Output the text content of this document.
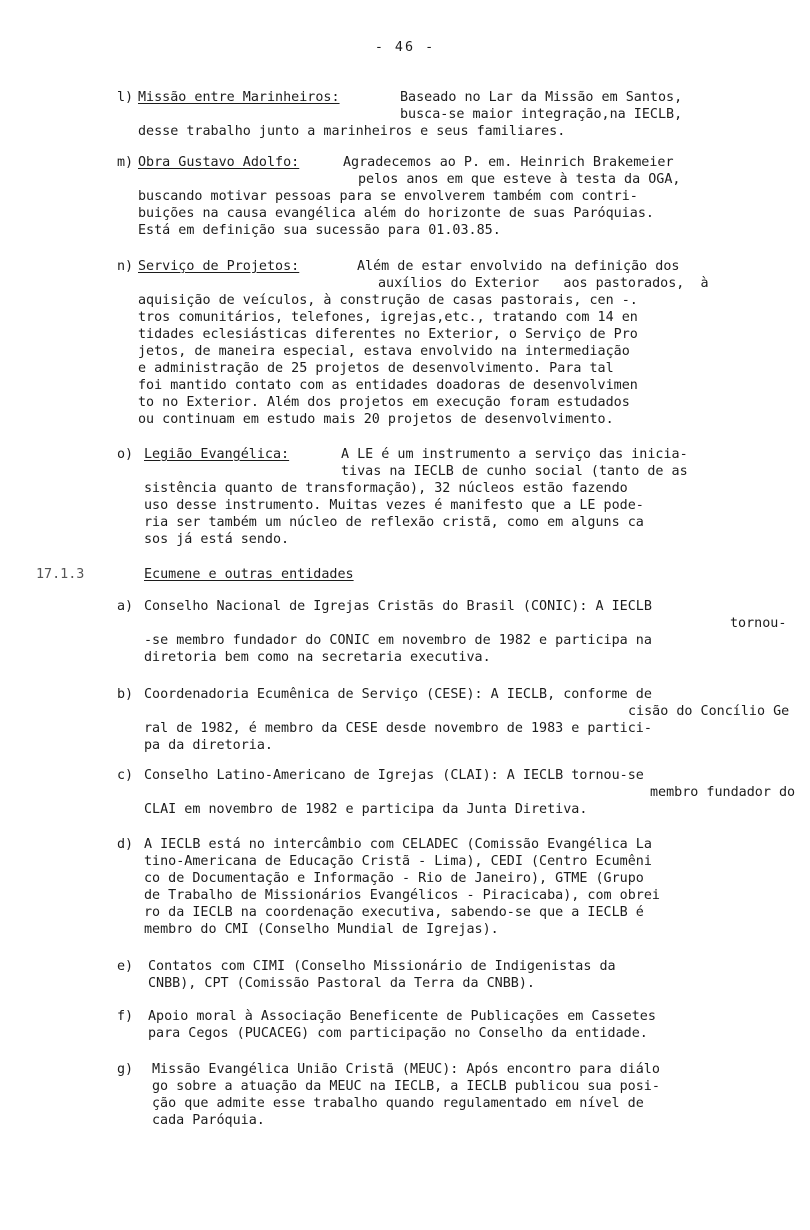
- 46 -
l) Missão entre Marinheiros:	Baseado no Lar da Missão em Santos,
busca-se maior integração,na IECLB,
desse trabalho junto a marinheiros e seus familiares.
m) Obra Gustavo Adolfo:	Agradecemos ao P. em. Heinrich Brakemeier
pelos anos em que esteve à testa da OGA,
buscando motivar pessoas para se envolverem também com contri-
buições na causa evangélica além do horizonte de suas Paróquias.
Está em definição sua sucessão para 01.03.85.
n) Serviço de Projetos:	Além de estar envolvido na definição dos
auxílios do Exterior   aos pastorados,  à
aquisição de veículos, à construção de casas pastorais, cen -.
tros comunitários, telefones, igrejas,etc., tratando com 14 en
tidades eclesiásticas diferentes no Exterior, o Serviço de Pro
jetos, de maneira especial, estava envolvido na intermediação
e administração de 25 projetos de desenvolvimento. Para tal
foi mantido contato com as entidades doadoras de desenvolvimen
to no Exterior. Além dos projetos em execução foram estudados
ou continuam em estudo mais 20 projetos de desenvolvimento.
o) Legião Evangélica:	A LE é um instrumento a serviço das inicia-
tivas na IECLB de cunho social (tanto de as
sistência quanto de transformação), 32 núcleos estão fazendo
uso desse instrumento. Muitas vezes é manifesto que a LE pode-
ria ser também um núcleo de reflexão cristã, como em alguns ca
sos já está sendo.
17.1.3	Ecumene e outras entidades
a) Conselho Nacional de Igrejas Cristãs do Brasil (CONIC): A IECLB
tornou-
-se membro fundador do CONIC em novembro de 1982 e participa na
diretoria bem como na secretaria executiva.
b) Coordenadoria Ecumênica de Serviço (CESE): A IECLB, conforme de
cisão do Concílio Ge
ral de 1982, é membro da CESE desde novembro de 1983 e partici-
pa da diretoria.
c) Conselho Latino-Americano de Igrejas (CLAI): A IECLB tornou-se
membro fundador do
CLAI em novembro de 1982 e participa da Junta Diretiva.
d) A IECLB está no intercâmbio com CELADEC (Comissão Evangélica La
tino-Americana de Educação Cristã - Lima), CEDI (Centro Ecumêni
co de Documentação e Informação - Rio de Janeiro), GTME (Grupo
de Trabalho de Missionários Evangélicos - Piracicaba), com obrei
ro da IECLB na coordenação executiva, sabendo-se que a IECLB é
membro do CMI (Conselho Mundial de Igrejas).
e) Contatos com CIMI (Conselho Missionário de Indigenistas da
CNBB), CPT (Comissão Pastoral da Terra da CNBB).
f) Apoio moral à Associação Beneficente de Publicações em Cassetes
para Cegos (PUCACEG) com participação no Conselho da entidade.
g) Missão Evangélica União Cristã (MEUC): Após encontro para diálo
go sobre a atuação da MEUC na IECLB, a IECLB publicou sua posi-
ção que admite esse trabalho quando regulamentado em nível de
cada Paróquia.
